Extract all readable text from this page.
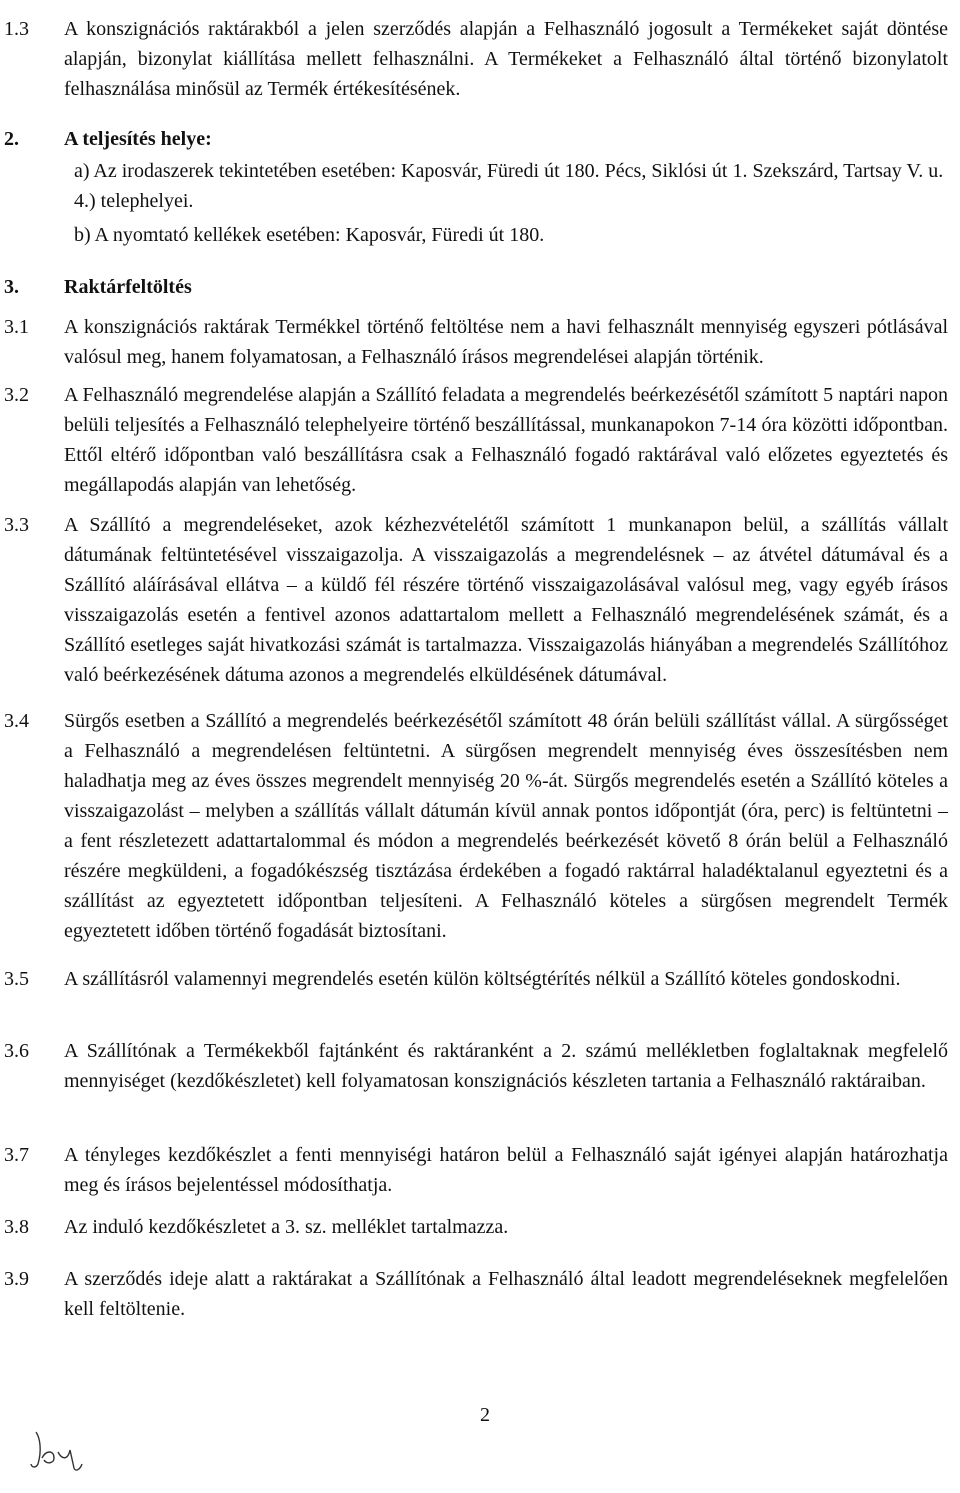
1.3	A konszignációs raktárakból a jelen szerződés alapján a Felhasználó jogosult a Termékeket saját döntése alapján, bizonylat kiállítása mellett felhasználni. A Termékeket a Felhasználó által történő bizonylatolt felhasználása minősül az Termék értékesítésének.
2.	A teljesítés helye:
a) Az irodaszerek tekintetében esetében: Kaposvár, Füredi út 180. Pécs, Siklósi út 1. Szekszárd, Tartsay V. u. 4.) telephelyei.
b) A nyomtató kellékek esetében: Kaposvár, Füredi út 180.
3.	Raktárfeltöltés
3.1	A konszignációs raktárak Termékkel történő feltöltése nem a havi felhasznált mennyiség egyszeri pótlásával valósul meg, hanem folyamatosan, a Felhasználó írásos megrendelései alapján történik.
3.2	A Felhasználó megrendelése alapján a Szállító feladata a megrendelés beérkezésétől számított 5 naptári napon belüli teljesítés a Felhasználó telephelyeire történő beszállítással, munkanapokon 7-14 óra közötti időpontban. Ettől eltérő időpontban való beszállításra csak a Felhasználó fogadó raktárával való előzetes egyeztetés és megállapodás alapján van lehetőség.
3.3	A Szállító a megrendeléseket, azok kézhezvételétől számított 1 munkanapon belül, a szállítás vállalt dátumának feltüntetésével visszaigazolja. A visszaigazolás a megrendelésnek – az átvétel dátumával és a Szállító aláírásával ellátva – a küldő fél részére történő visszaigazolásával valósul meg, vagy egyéb írásos visszaigazolás esetén a fentivel azonos adattartalom mellett a Felhasználó megrendelésének számát, és a Szállító esetleges saját hivatkozási számát is tartalmazza. Visszaigazolás hiányában a megrendelés Szállítóhoz való beérkezésének dátuma azonos a megrendelés elküldésének dátumával.
3.4	Sürgős esetben a Szállító a megrendelés beérkezésétől számított 48 órán belüli szállítást vállal. A sürgősséget a Felhasználó a megrendelésen feltüntetni. A sürgősen megrendelt mennyiség éves összesítésben nem haladhatja meg az éves összes megrendelt mennyiség 20 %-át. Sürgős megrendelés esetén a Szállító köteles a visszaigazolást – melyben a szállítás vállalt dátumán kívül annak pontos időpontját (óra, perc) is feltüntetni – a fent részletezett adattartalommal és módon a megrendelés beérkezését követő 8 órán belül a Felhasználó részére megküldeni, a fogadókészség tisztázása érdekében a fogadó raktárral haladéktalanul egyeztetni és a szállítást az egyeztetett időpontban teljesíteni. A Felhasználó köteles a sürgősen megrendelt Termék egyeztetett időben történő fogadását biztosítani.
3.5	A szállításról valamennyi megrendelés esetén külön költségtérítés nélkül a Szállító köteles gondoskodni.
3.6	A Szállítónak a Termékekből fajtánként és raktáranként a 2. számú mellékletben foglaltaknak megfelelő mennyiséget (kezdőkészletet) kell folyamatosan konszignációs készleten tartania a Felhasználó raktáraiban.
3.7	A tényleges kezdőkészlet a fenti mennyiségi határon belül a Felhasználó saját igényei alapján határozhatja meg és írásos bejelentéssel módosíthatja.
3.8	Az induló kezdőkészletet a 3. sz. melléklet tartalmazza.
3.9	A szerződés ideje alatt a raktárakat a Szállítónak a Felhasználó által leadott megrendeléseknek megfelelően kell feltöltenie.
2
